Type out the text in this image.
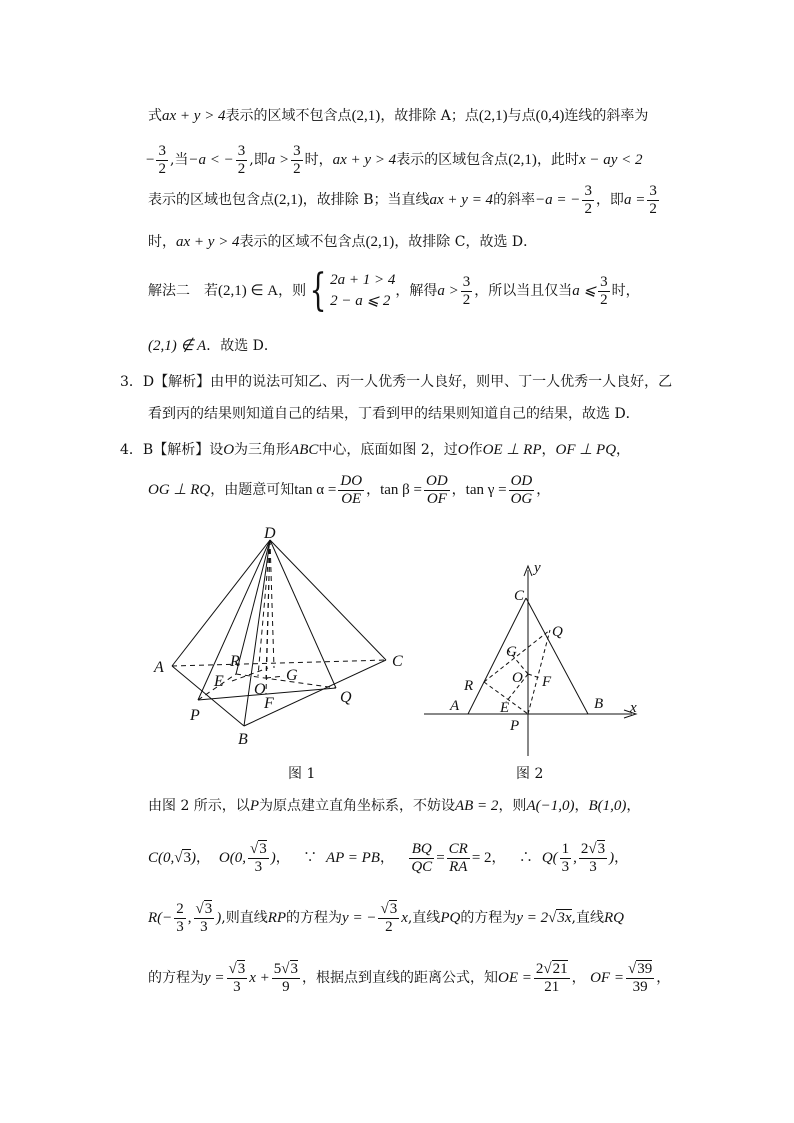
式ax + y > 4表示的区域不包含点(2,1)，故排除 A；点(2,1)与点(0,4)连线的斜率为
− $\frac{3}{2}$ ,当−a < − $\frac{3}{2}$ ,即$a > \frac{3}{2}$ 时，ax + y > 4表示的区域包含点(2,1)，此时x − ay < 2
表示的区域也包含点(2,1)，故排除 B；当直线ax + y = 4的斜率−a = − $\frac{3}{2}$ ，即$a = \frac{3}{2}$
时，ax + y > 4表示的区域不包含点(2,1)，故排除 C，故选 D．
解法二　若(2,1) ∈ A，则{ 2a + 1 > 4
2 − a ⩽ 2
，解得$a > \frac{3}{2}$ ，所以当且仅当a ⩽ $\frac{3}{2}$ 时，
(2,1) ∉ A．故选 D．
3．D【解析】由甲的说法可知乙、丙一人优秀一人良好，则甲、丁一人优秀一人良好，乙
看到丙的结果则知道自己的结果，丁看到甲的结果则知道自己的结果，故选 D．
4．B【解析】设O为三角形ABC中心，底面如图 2，过O作OE ⊥ RP，OF ⊥ PQ，
OG ⊥ RQ，由题意可知$\tan \alpha = \frac{DO}{OE}$ ，$\tan \beta = \frac{OD}{OF}$ ，$\tan \gamma = \frac{OD}{OG}$ ，
D
A
B
C
P
Q
R
E
F
G
O
图 1
y
x
C
Q
G
O
R	F
A	E
P
B
图 2
由图 2 所示，以P为原点建立直角坐标系，不妨设AB = 2，则A(−1,0)，B(1,0)，
C(0,√3)， O(0, $\frac{√3}{3}$ )， ∵ AP = PB， $\frac{BQ}{QC} = \frac{CR}{RA} = 2$， ∴ $Q( \frac{1}{3}$ , $\frac{2√3}{3}$ )，
$R(- \frac{2}{3}$ , $\frac{√3}{3}$ ),则直线RP的方程为y = − $\frac{√3}{2} x$,直线PQ的方程为y = 2√3x,直线RQ
的方程为$y = \frac{√3}{3}$ $x + \frac{5√3}{9}$ ，根据点到直线的距离公式，知OE = $\frac{2√21}{21}$ ， OF = $\frac{√39}{39}$ ，
